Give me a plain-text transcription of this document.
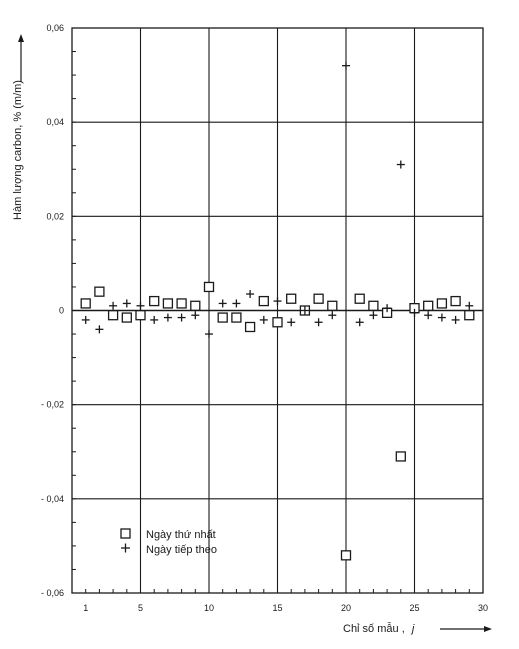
0,06
0,04
0,02
0
- 0,02
- 0,04
- 0,06
1	5	10	15	20	25	30
Hàm lượng carbon, % (m/m)
Chỉ số mẫu , j
Ngày thứ nhất
Ngày tiếp theo
